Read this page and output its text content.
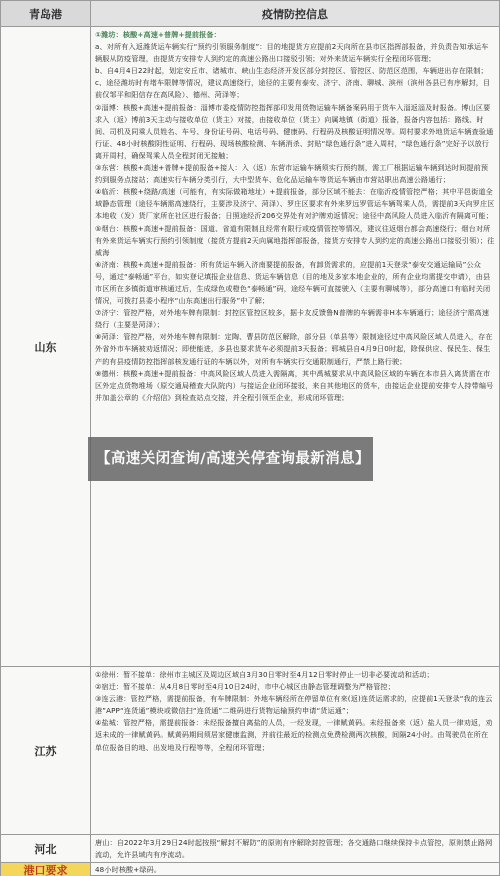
青岛港	疫情防控信息
山东

①潍坊：核酸+高速+普牌+提前报备：

a、对所有入返潍货运车辆实行“预约引领服务制度”：目的地提货方应提前2天向所在县市区指挥部报备，并负责告知承运车辆服从防疫管理，由提货方安排专人到约定的高速公路出口接驳引领；对外来货运车辆实行全程闭环管理；

b、自4月4日22时起，划定安丘市、诸城市、峡山生态经济开发区部分封控区、管控区、防范区范围，车辆进出存在限制；

c、途径潍坊时有堵车限牌等情况，建议高速绕行，途径的主要有泰安、济宁、济南、聊城、滨州（滨州各县已有序解封，目前仅邹平和阳信存在高风险）、德州、菏泽等；

②淄博：核酸+高速+提前报备：淄博市委疫情防控指挥部印发用货物运输车辆备案码用于货车入淄返淄及时报备。博山区要求入（返）博前3天主动与接收单位（货主）对接，由接收单位（货主）向属地镇（街道）报备，报备内容包括：路线、时间、司机及同乘人员姓名、车号、身份证号码、电话号码、健康码、行程码及核酸证明情况等。周村要求外地货运车辆查验通行证、48小时核酸阴性证明、行程码、现场核酸检测、车辆消杀、封贴“绿色通行条”进入周村，“绿色通行条”完好予以放行离开周村，确保驾乘人员全程封闭无接触；

③东营：核酸+高速+普牌+提前报备+接人：入（返）东营市运输车辆须实行预约制，需工厂根据运输车辆到达时间提前预约到服务点接站；高速实行车辆分类引行，大中型货车、危化品运输车等货运车辆由市营站职出高速公路通行；

④临沂：核酸+绕路/高速（可能有，有实际做箱地址）+提前报备，部分区域不能去：在临沂疫情管控严格；其中平邑街道全域静态管理（途径车辆需高速绕行，主要涉及济宁、菏泽）、罗庄区要求有外来罗远罗管运车辆驾乘人员，需提前3天向罗庄区本地收（发）货厂家所在社区进行报备；日照途经沂206交界处有对沪牌劝返情况；途径中高风险人员进入临沂有隔离可能；

⑤烟台：核酸+高速+提前报备：国道、省道有限制且经常有限行或疫情管控等情况，建议往返烟台都会高速绕行；烟台对所有外来货运车辆实行预约引领制度（接货方提前2天向属地指挥部报备，接货方安排专人到约定的高速公路出口接驳引领）；往威海

⑥济南：核酸+高速+提前报备：所有货运车辆入济南要提前报备，有卸货需求的，应提前1天登录“泰安交通运输局”公众号，通过“泰畅通”平台，如实登记填报企业信息、货运车辆信息（目的地及多家本地企业的，所有企业均需提交申请），由县市区所在多镇街道审核通过后，生成绿色或橙色“泰畅通”码，途经车辆可直接驶入（主要有聊城等），部分高速口有临时关闭情况，可拨打县委小程序“山东高速出行服务”中了解；

⑦济宁：管控严格，对外地车牌有限制：封控区管控区较多，据卡友反馈鲁N普牌的车辆需非H本车辆通行；途径济宁需高速绕行（主要是菏泽）；

⑧菏泽：管控严格，对外地车牌有限制：定陶、曹县防范区解除，部分县（单县等）限制途径过中高风险区域人员进入，存在外省外市车辆被劝返情况；即使能进，多县也要求货车必须提前3天报备；郓城县自4月9日0时起，除保供应、保民生、保生产的有县疫情防控指挥部核发通行证的车辆以外，对所有车辆实行交通限制通行，严禁上路行驶；

⑨德州：核酸+高速+提前报备：中高风险区域人员进入需隔离，其中禹城要求从中高风险区域的车辆在本市县入离货需在市区外定点货物堆场（原交通局稽查大队院内）与接运企业闭环接驳，来自其他地区的货车，由接运企业提前安排专人持带编号并加盖公章的《介绍信》到检查站点交接，并全程引领至企业，形成闭环管理；

江苏

①徐州：暂不接单：徐州市主城区及周边区域自3月30日零时至4月12日零时停止一切非必要流动和活动；

②宿迁：暂不接单：从4月8日零时至4月10日24时，市中心城区由静态管理调整为严格管控；

③连云港：管控严格，需提前报备，有车牌限制：外地车辆经所在停留单位有来(返)连货运需求的，应提前1天登录“我的连云港”APP“连货通”模块或微信扫“连货通”二维码进行货物运输预约申请“货运通”；

④盐城：管控严格，需提前报备：未经报备擅自离盐的人员，一经发现，一律赋黄码。未经报备来（返）盐人员一律劝返，劝返未成的一律赋黄码。赋黄码期间须居家健康监测，并前往最近的检测点免费检测两次核酸，间隔24小时。由驾驶员在所在单位报备目的地、出发地及行程等等，全程闭环管理；

河北	唐山：自2022年3月29日24时起按照“解封不解防”的原则有序解除封控管理；各交通路口继续保持卡点管控，原则禁止路网流动，允许县域内有序流动。

港口要求	48小时核酸+绿码。

【高速关闭查询/高速关停查询最新消息】
